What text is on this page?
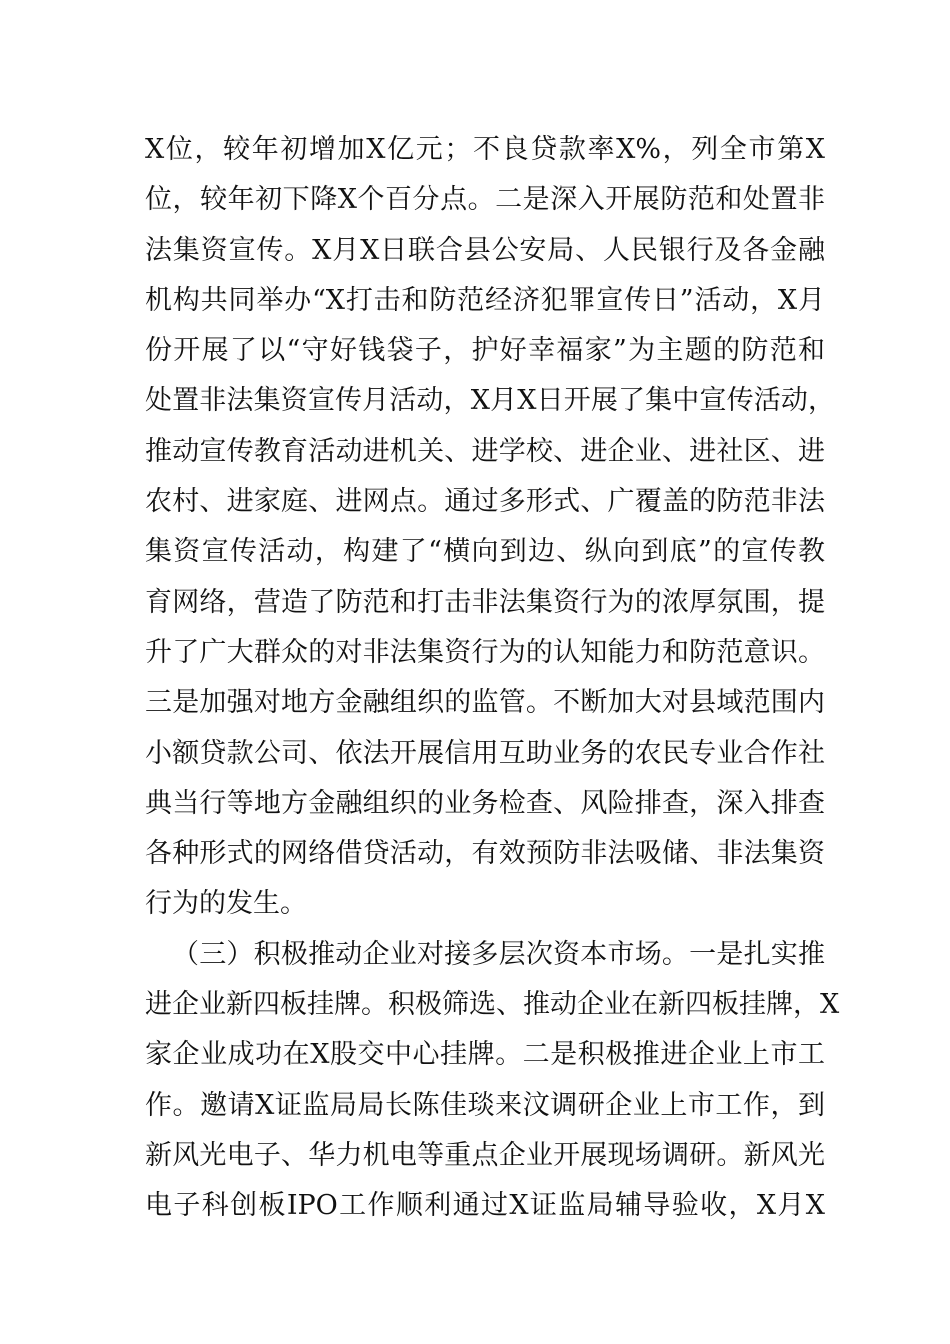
X位，较年初增加X亿元；不良贷款率X%，列全市第X
位，较年初下降X个百分点。二是深入开展防范和处置非
法集资宣传。X月X日联合县公安局、人民银行及各金融
机构共同举办“X打击和防范经济犯罪宣传日”活动，X月
份开展了以“守好钱袋子，护好幸福家”为主题的防范和
处置非法集资宣传月活动，X月X日开展了集中宣传活动，
推动宣传教育活动进机关、进学校、进企业、进社区、进
农村、进家庭、进网点。通过多形式、广覆盖的防范非法
集资宣传活动，构建了“横向到边、纵向到底”的宣传教
育网络，营造了防范和打击非法集资行为的浓厚氛围，提
升了广大群众的对非法集资行为的认知能力和防范意识。
三是加强对地方金融组织的监管。不断加大对县域范围内
小额贷款公司、依法开展信用互助业务的农民专业合作社
典当行等地方金融组织的业务检查、风险排查，深入排查
各种形式的网络借贷活动，有效预防非法吸储、非法集资
行为的发生。
（三）积极推动企业对接多层次资本市场。一是扎实推
进企业新四板挂牌。积极筛选、推动企业在新四板挂牌，X
家企业成功在X股交中心挂牌。二是积极推进企业上市工
作。邀请X证监局局长陈佳琰来汶调研企业上市工作，到
新风光电子、华力机电等重点企业开展现场调研。新风光
电子科创板IPO工作顺利通过X证监局辅导验收，X月X
